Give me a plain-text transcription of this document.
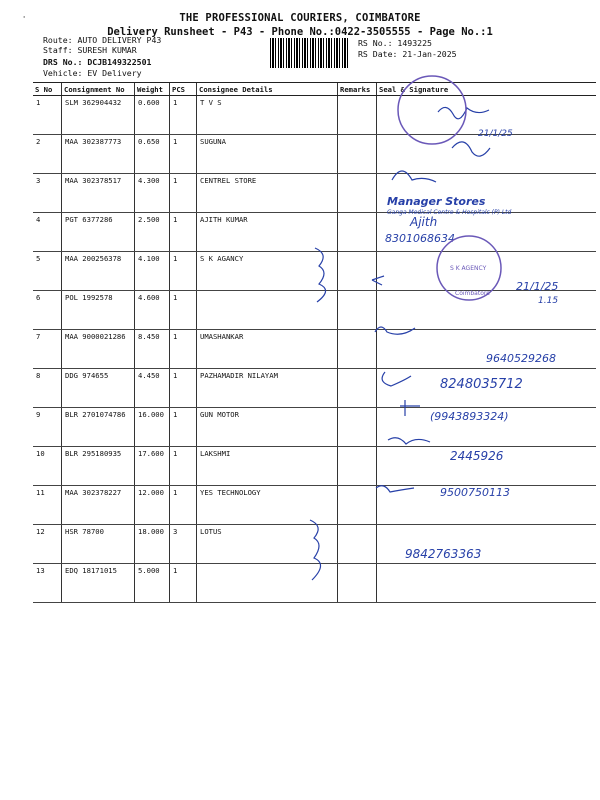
'	THE PROFESSIONAL COURIERS, COIMBATORE
Delivery Runsheet - P43 - Phone No.:0422-3505555 - Page No.:1
Route: AUTO DELIVERY P43
Staff: SURESH KUMAR
DRS No.: DCJB149322501
Vehicle: EV Delivery
RS No.: 1493225
RS Date: 21-Jan-2025
S No	Consignment No	Weight	PCS	Consignee Details	Remarks	Seal & Signature
1	SLM 362904432	0.600	1	T V S		
2	MAA 302387773	0.650	1	SUGUNA		
3	MAA 302378517	4.300	1	CENTREL STORE		
4	PGT 6377286	2.500	1	AJITH KUMAR		
5	MAA 200256378	4.100	1	S K AGANCY		
6	POL 1992578	4.600	1			
7	MAA 9000021286	8.450	1	UMASHANKAR		
8	DDG 974655	4.450	1	PAZHAMADIR NILAYAM		
9	BLR 2701074786	16.000	1	GUN MOTOR		
10	BLR 295180935	17.600	1	LAKSHMI		
11	MAA 302378227	12.000	1	YES TECHNOLOGY		
12	HSR 78700	18.000	3	LOTUS		
13	EDQ 18171015	5.000	1			
Manager Stores
Ganga Medical Centre & Hospitals (P) Ltd
Ajith
8301068634
21/1/25
1.15
9640529268
8248035712
(9943893324)
2445926
9500750113
9842763363
21/1/25
S K AGENCY
Coimbatore
